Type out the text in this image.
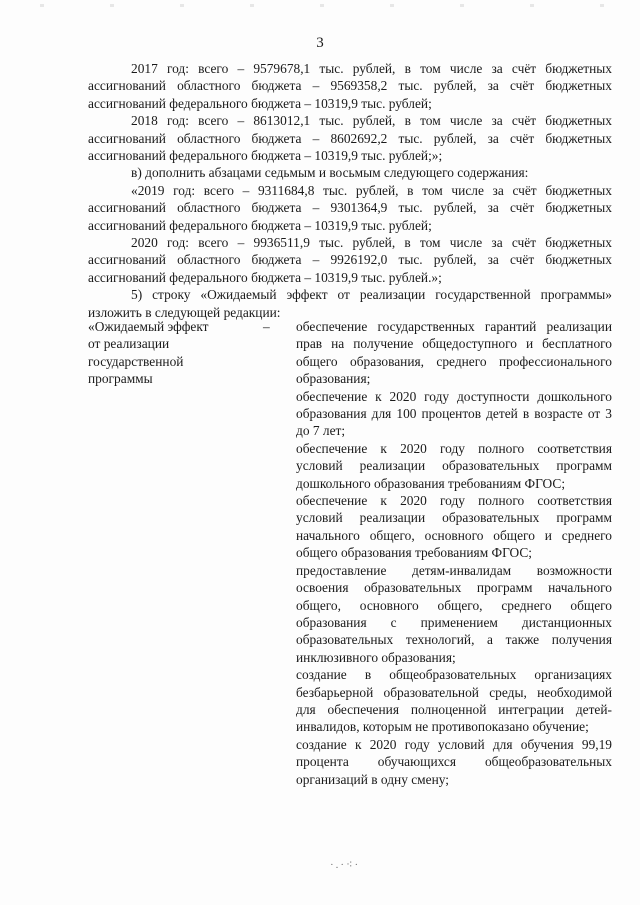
3

2017 год: всего – 9579678,1 тыс. рублей, в том числе за счёт бюджетных ассигнований областного бюджета – 9569358,2 тыс. рублей, за счёт бюджетных ассигнований федерального бюджета – 10319,9 тыс. рублей;

2018 год: всего – 8613012,1 тыс. рублей, в том числе за счёт бюджетных ассигнований областного бюджета – 8602692,2 тыс. рублей, за счёт бюджетных ассигнований федерального бюджета – 10319,9 тыс. рублей;»;

в) дополнить абзацами седьмым и восьмым следующего содержания:

«2019 год: всего – 9311684,8 тыс. рублей, в том числе за счёт бюджетных ассигнований областного бюджета – 9301364,9 тыс. рублей, за счёт бюджетных ассигнований федерального бюджета – 10319,9 тыс. рублей;

2020 год: всего – 9936511,9 тыс. рублей, в том числе за счёт бюджетных ассигнований областного бюджета – 9926192,0 тыс. рублей, за счёт бюджетных ассигнований федерального бюджета – 10319,9 тыс. рублей.»;

5) строку «Ожидаемый эффект от реализации государственной программы» изложить в следующей редакции:

«Ожидаемый эффект
от реализации
государственной
программы
– обеспечение государственных гарантий реализации прав на получение общедоступного и бесплатного общего образования, среднего профессионального образования;

обеспечение к 2020 году доступности дошкольного образования для 100 процентов детей в возрасте от 3 до 7 лет;

обеспечение к 2020 году полного соответствия условий реализации образовательных программ дошкольного образования требованиям ФГОС;

обеспечение к 2020 году полного соответствия условий реализации образовательных программ начального общего, основного общего и среднего общего образования требованиям ФГОС;

предоставление детям-инвалидам возможности освоения образовательных программ начального общего, основного общего, среднего общего образования с применением дистанционных образовательных технологий, а также получения инклюзивного образования;

создание в общеобразовательных организациях безбарьерной образовательной среды, необходимой для обеспечения полноценной интеграции детей-инвалидов, которым не противопоказано обучение;

создание к 2020 году условий для обучения 99,19 процента обучающихся общеобразовательных организаций в одну смену;

·.·⁖·
